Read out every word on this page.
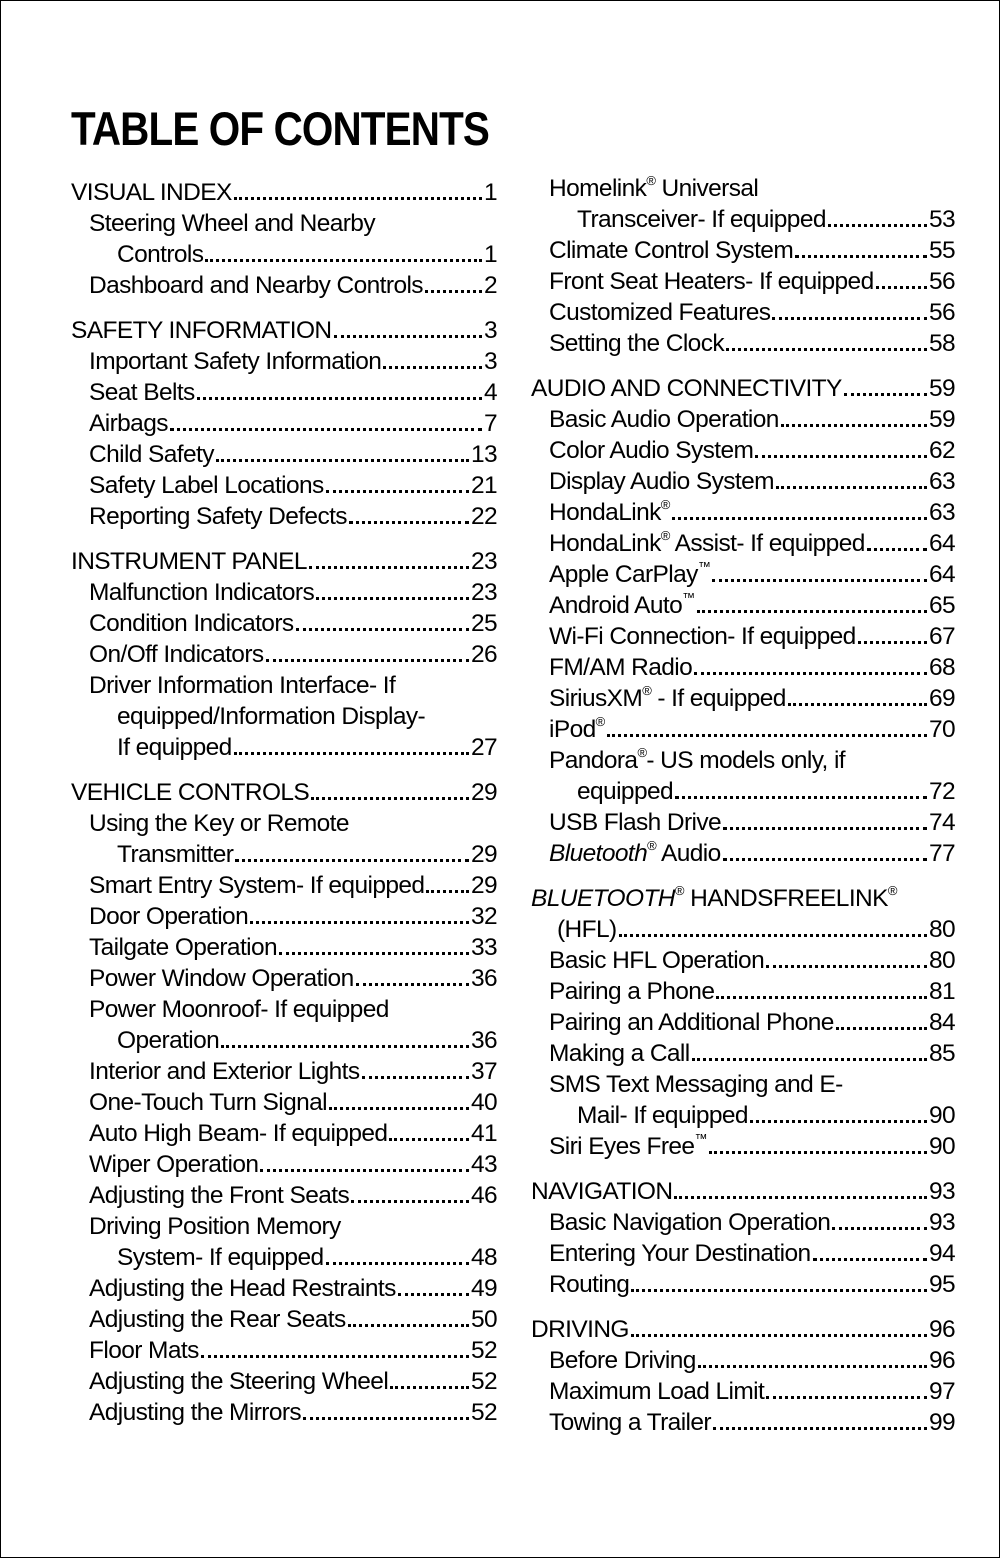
TABLE OF CONTENTS
VISUAL INDEX	1
Steering Wheel and Nearby
Controls	1
Dashboard and Nearby Controls 2
SAFETY INFORMATION	3
Important Safety Information	3
Seat Belts	4
Airbags	7
Child Safety	13
Safety Label Locations	21
Reporting Safety Defects	22
INSTRUMENT PANEL	23
Malfunction Indicators	23
Condition Indicators	25
On/Off Indicators	26
Driver Information Interface- If
equipped/Information Display-
If equipped	27
VEHICLE CONTROLS	29
Using the Key or Remote
Transmitter	29
Smart Entry System- If equipped 29
Door Operation	32
Tailgate Operation	33
Power Window Operation	36
Power Moonroof- If equipped
Operation	36
Interior and Exterior Lights	37
One-Touch Turn Signal	40
Auto High Beam- If equipped	41
Wiper Operation	43
Adjusting the Front Seats	46
Driving Position Memory
System- If equipped	48
Adjusting the Head Restraints	49
Adjusting the Rear Seats	50
Floor Mats	52
Adjusting the Steering Wheel	52
Adjusting the Mirrors	52
Homelink® Universal
Transceiver- If equipped	53
Climate Control System	55
Front Seat Heaters- If equipped 56
Customized Features	56
Setting the Clock	58
AUDIO AND CONNECTIVITY	59
Basic Audio Operation	59
Color Audio System	62
Display Audio System	63
HondaLink®	63
HondaLink® Assist- If equipped	64
Apple CarPlay™	64
Android Auto™	65
Wi-Fi Connection- If equipped	67
FM/AM Radio	68
SiriusXM® - If equipped	69
iPod®	70
Pandora®- US models only, if
equipped	72
USB Flash Drive	74
Bluetooth® Audio	77
BLUETOOTH® HANDSFREELINK®
(HFL)	80
Basic HFL Operation	80
Pairing a Phone	81
Pairing an Additional Phone	84
Making a Call	85
SMS Text Messaging and E-
Mail- If equipped	90
Siri Eyes Free™	90
NAVIGATION	93
Basic Navigation Operation	93
Entering Your Destination	94
Routing	95
DRIVING	96
Before Driving	96
Maximum Load Limit	97
Towing a Trailer	99
